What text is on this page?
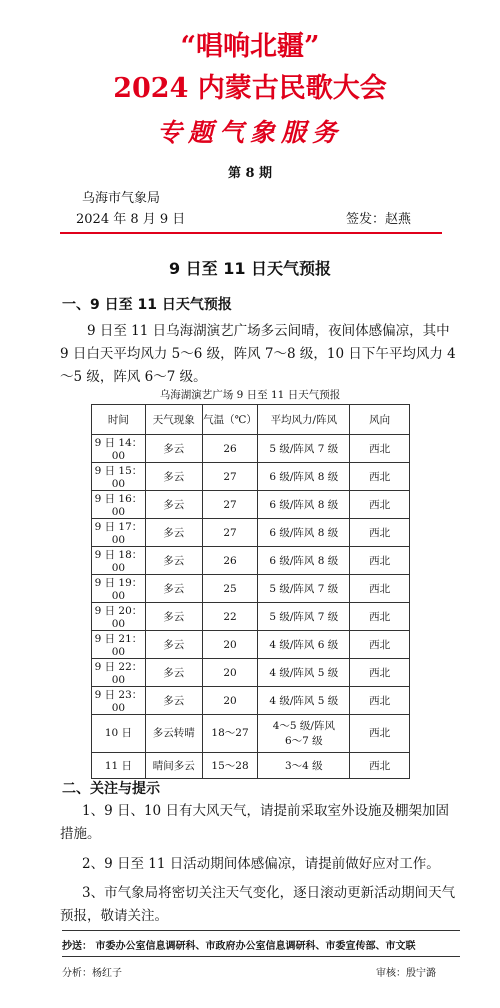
“唱响北疆”
2024 内蒙古民歌大会
专题气象服务
第 8 期
乌海市气象局
2024 年 8 月 9 日	签发：赵燕
9 日至 11 日天气预报
一、9 日至 11 日天气预报
9 日至 11 日乌海湖演艺广场多云间晴，夜间体感偏凉，其中 9 日白天平均风力 5～6 级，阵风 7～8 级，10 日下午平均风力 4～5 级，阵风 6～7 级。
乌海湖演艺广场 9 日至 11 日天气预报
时间	天气现象	气温（℃）	平均风力/阵风	风向
9 日 14：00	多云	26	5 级/阵风 7 级	西北
9 日 15：00	多云	27	6 级/阵风 8 级	西北
9 日 16：00	多云	27	6 级/阵风 8 级	西北
9 日 17：00	多云	27	6 级/阵风 8 级	西北
9 日 18：00	多云	26	6 级/阵风 8 级	西北
9 日 19：00	多云	25	5 级/阵风 7 级	西北
9 日 20：00	多云	22	5 级/阵风 7 级	西北
9 日 21：00	多云	20	4 级/阵风 6 级	西北
9 日 22：00	多云	20	4 级/阵风 5 级	西北
9 日 23：00	多云	20	4 级/阵风 5 级	西北
10 日	多云转晴	18～27	4～5 级/阵风 6～7 级	西北
11 日	晴间多云	15～28	3～4 级	西北
二、关注与提示
1、9 日、10 日有大风天气，请提前采取室外设施及棚架加固措施。
2、9 日至 11 日活动期间体感偏凉，请提前做好应对工作。
3、市气象局将密切关注天气变化，逐日滚动更新活动期间天气预报，敬请关注。
抄送： 市委办公室信息调研科、市政府办公室信息调研科、市委宣传部、市文联
分析：杨红子	审核：殷宁潞
